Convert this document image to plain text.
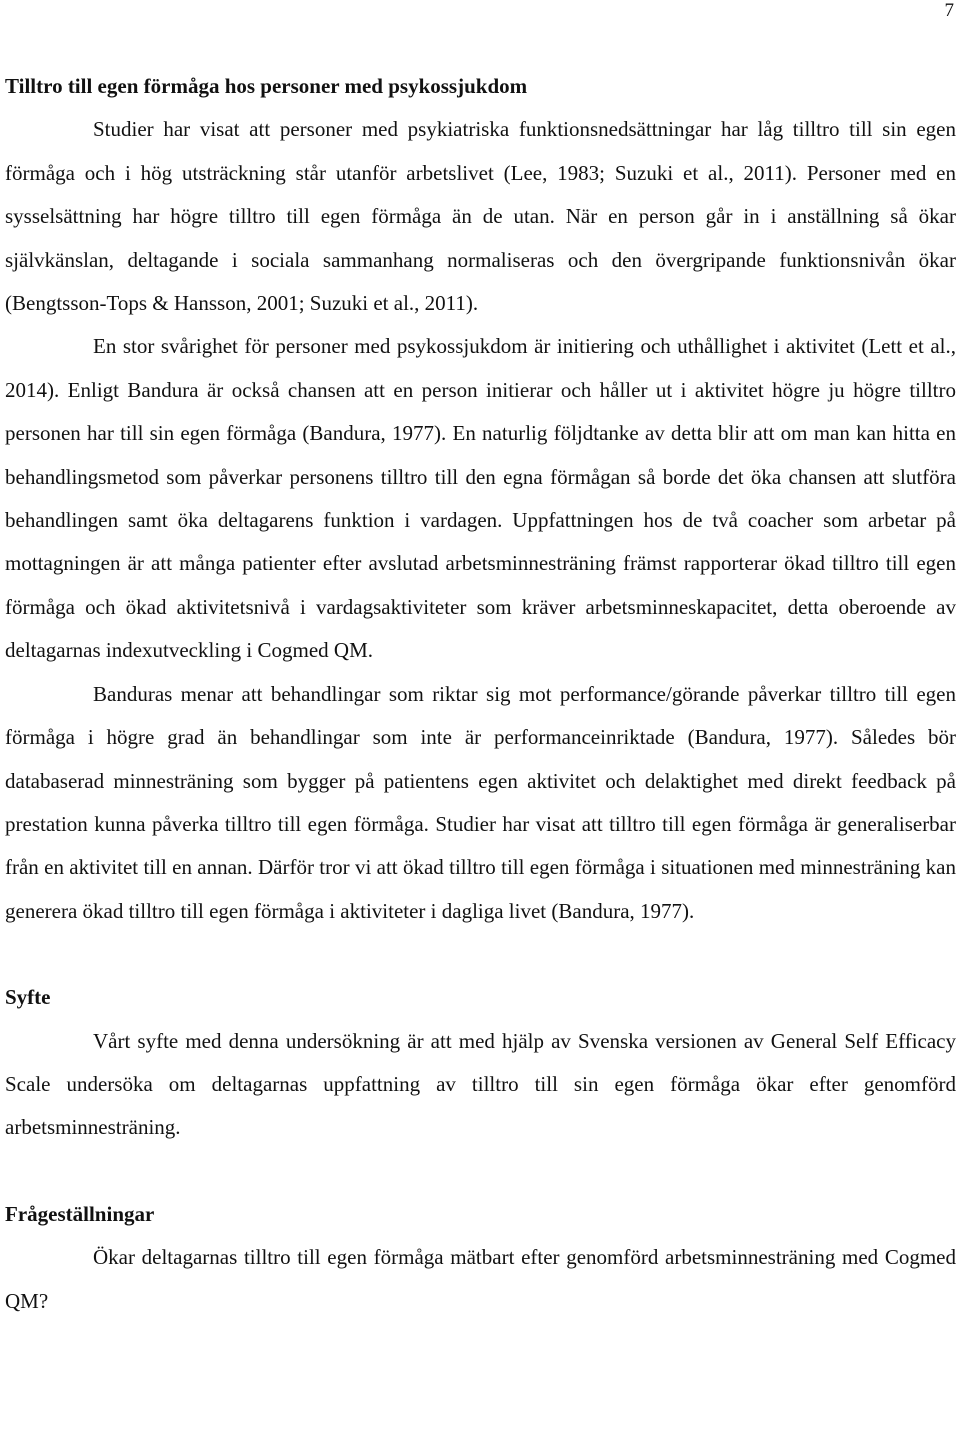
7
Tilltro till egen förmåga hos personer med psykossjukdom

Studier har visat att personer med psykiatriska funktionsnedsättningar har låg tilltro till sin egen förmåga och i hög utsträckning står utanför arbetslivet (Lee, 1983; Suzuki et al., 2011). Personer med en sysselsättning har högre tilltro till egen förmåga än de utan. När en person går in i anställning så ökar självkänslan, deltagande i sociala sammanhang normaliseras och den övergripande funktionsnivån ökar (Bengtsson-Tops & Hansson, 2001; Suzuki et al., 2011).

En stor svårighet för personer med psykossjukdom är initiering och uthållighet i aktivitet (Lett et al., 2014). Enligt Bandura är också chansen att en person initierar och håller ut i aktivitet högre ju högre tilltro personen har till sin egen förmåga (Bandura, 1977). En naturlig följdtanke av detta blir att om man kan hitta en behandlingsmetod som påverkar personens tilltro till den egna förmågan så borde det öka chansen att slutföra behandlingen samt öka deltagarens funktion i vardagen. Uppfattningen hos de två coacher som arbetar på mottagningen är att många patienter efter avslutad arbetsminnesträning främst rapporterar ökad tilltro till egen förmåga och ökad aktivitetsnivå i vardagsaktiviteter som kräver arbetsminneskapacitet, detta oberoende av deltagarnas indexutveckling i Cogmed QM.

Banduras menar att behandlingar som riktar sig mot performance/görande påverkar tilltro till egen förmåga i högre grad än behandlingar som inte är performanceinriktade (Bandura, 1977). Således bör databaserad minnesträning som bygger på patientens egen aktivitet och delaktighet med direkt feedback på prestation kunna påverka tilltro till egen förmåga. Studier har visat att tilltro till egen förmåga är generaliserbar från en aktivitet till en annan. Därför tror vi att ökad tilltro till egen förmåga i situationen med minnesträning kan generera ökad tilltro till egen förmåga i aktiviteter i dagliga livet (Bandura, 1977).

Syfte

Vårt syfte med denna undersökning är att med hjälp av Svenska versionen av General Self Efficacy Scale undersöka om deltagarnas uppfattning av tilltro till sin egen förmåga ökar efter genomförd arbetsminnesträning.

Frågeställningar

Ökar deltagarnas tilltro till egen förmåga mätbart efter genomförd arbetsminnesträning med Cogmed QM?
